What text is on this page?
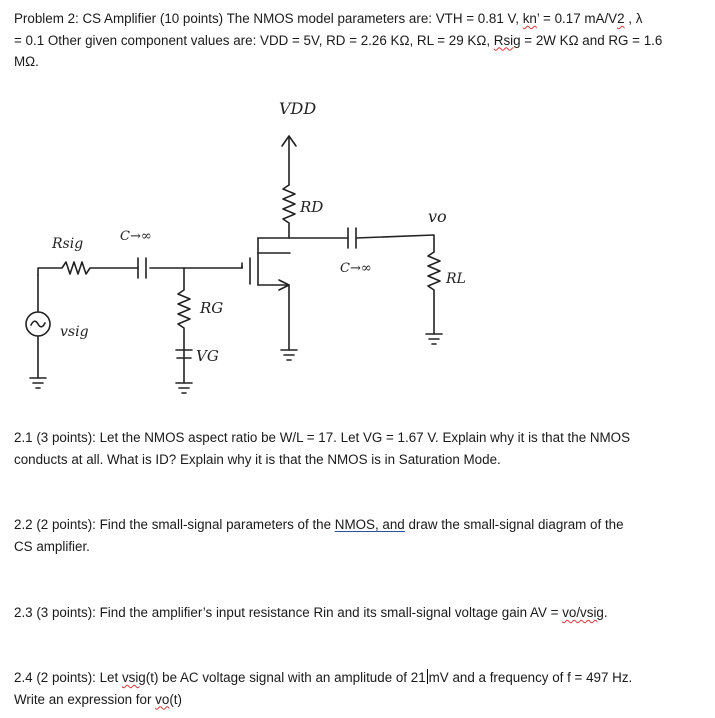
Problem 2: CS Amplifier (10 points) The NMOS model parameters are: VTH = 0.81 V, kn’ = 0.17 mA/V2 , λ
= 0.1 Other given component values are: VDD = 5V, RD = 2.26 KΩ, RL = 29 KΩ, Rsig = 2W KΩ and RG = 1.6
MΩ.

VDD
RD
C→∞
vo
RL
RG
VG
C→∞
Rsig
vsig

2.1 (3 points): Let the NMOS aspect ratio be W/L = 17. Let VG = 1.67 V. Explain why it is that the NMOS
conducts at all. What is ID? Explain why it is that the NMOS is in Saturation Mode.

2.2 (2 points): Find the small-signal parameters of the NMOS, and draw the small-signal diagram of the
CS amplifier.

2.3 (3 points): Find the amplifier’s input resistance Rin and its small-signal voltage gain AV = vo/vsig.

2.4 (2 points): Let vsig(t) be AC voltage signal with an amplitude of 21 mV and a frequency of f = 497 Hz.
Write an expression for vo(t)
